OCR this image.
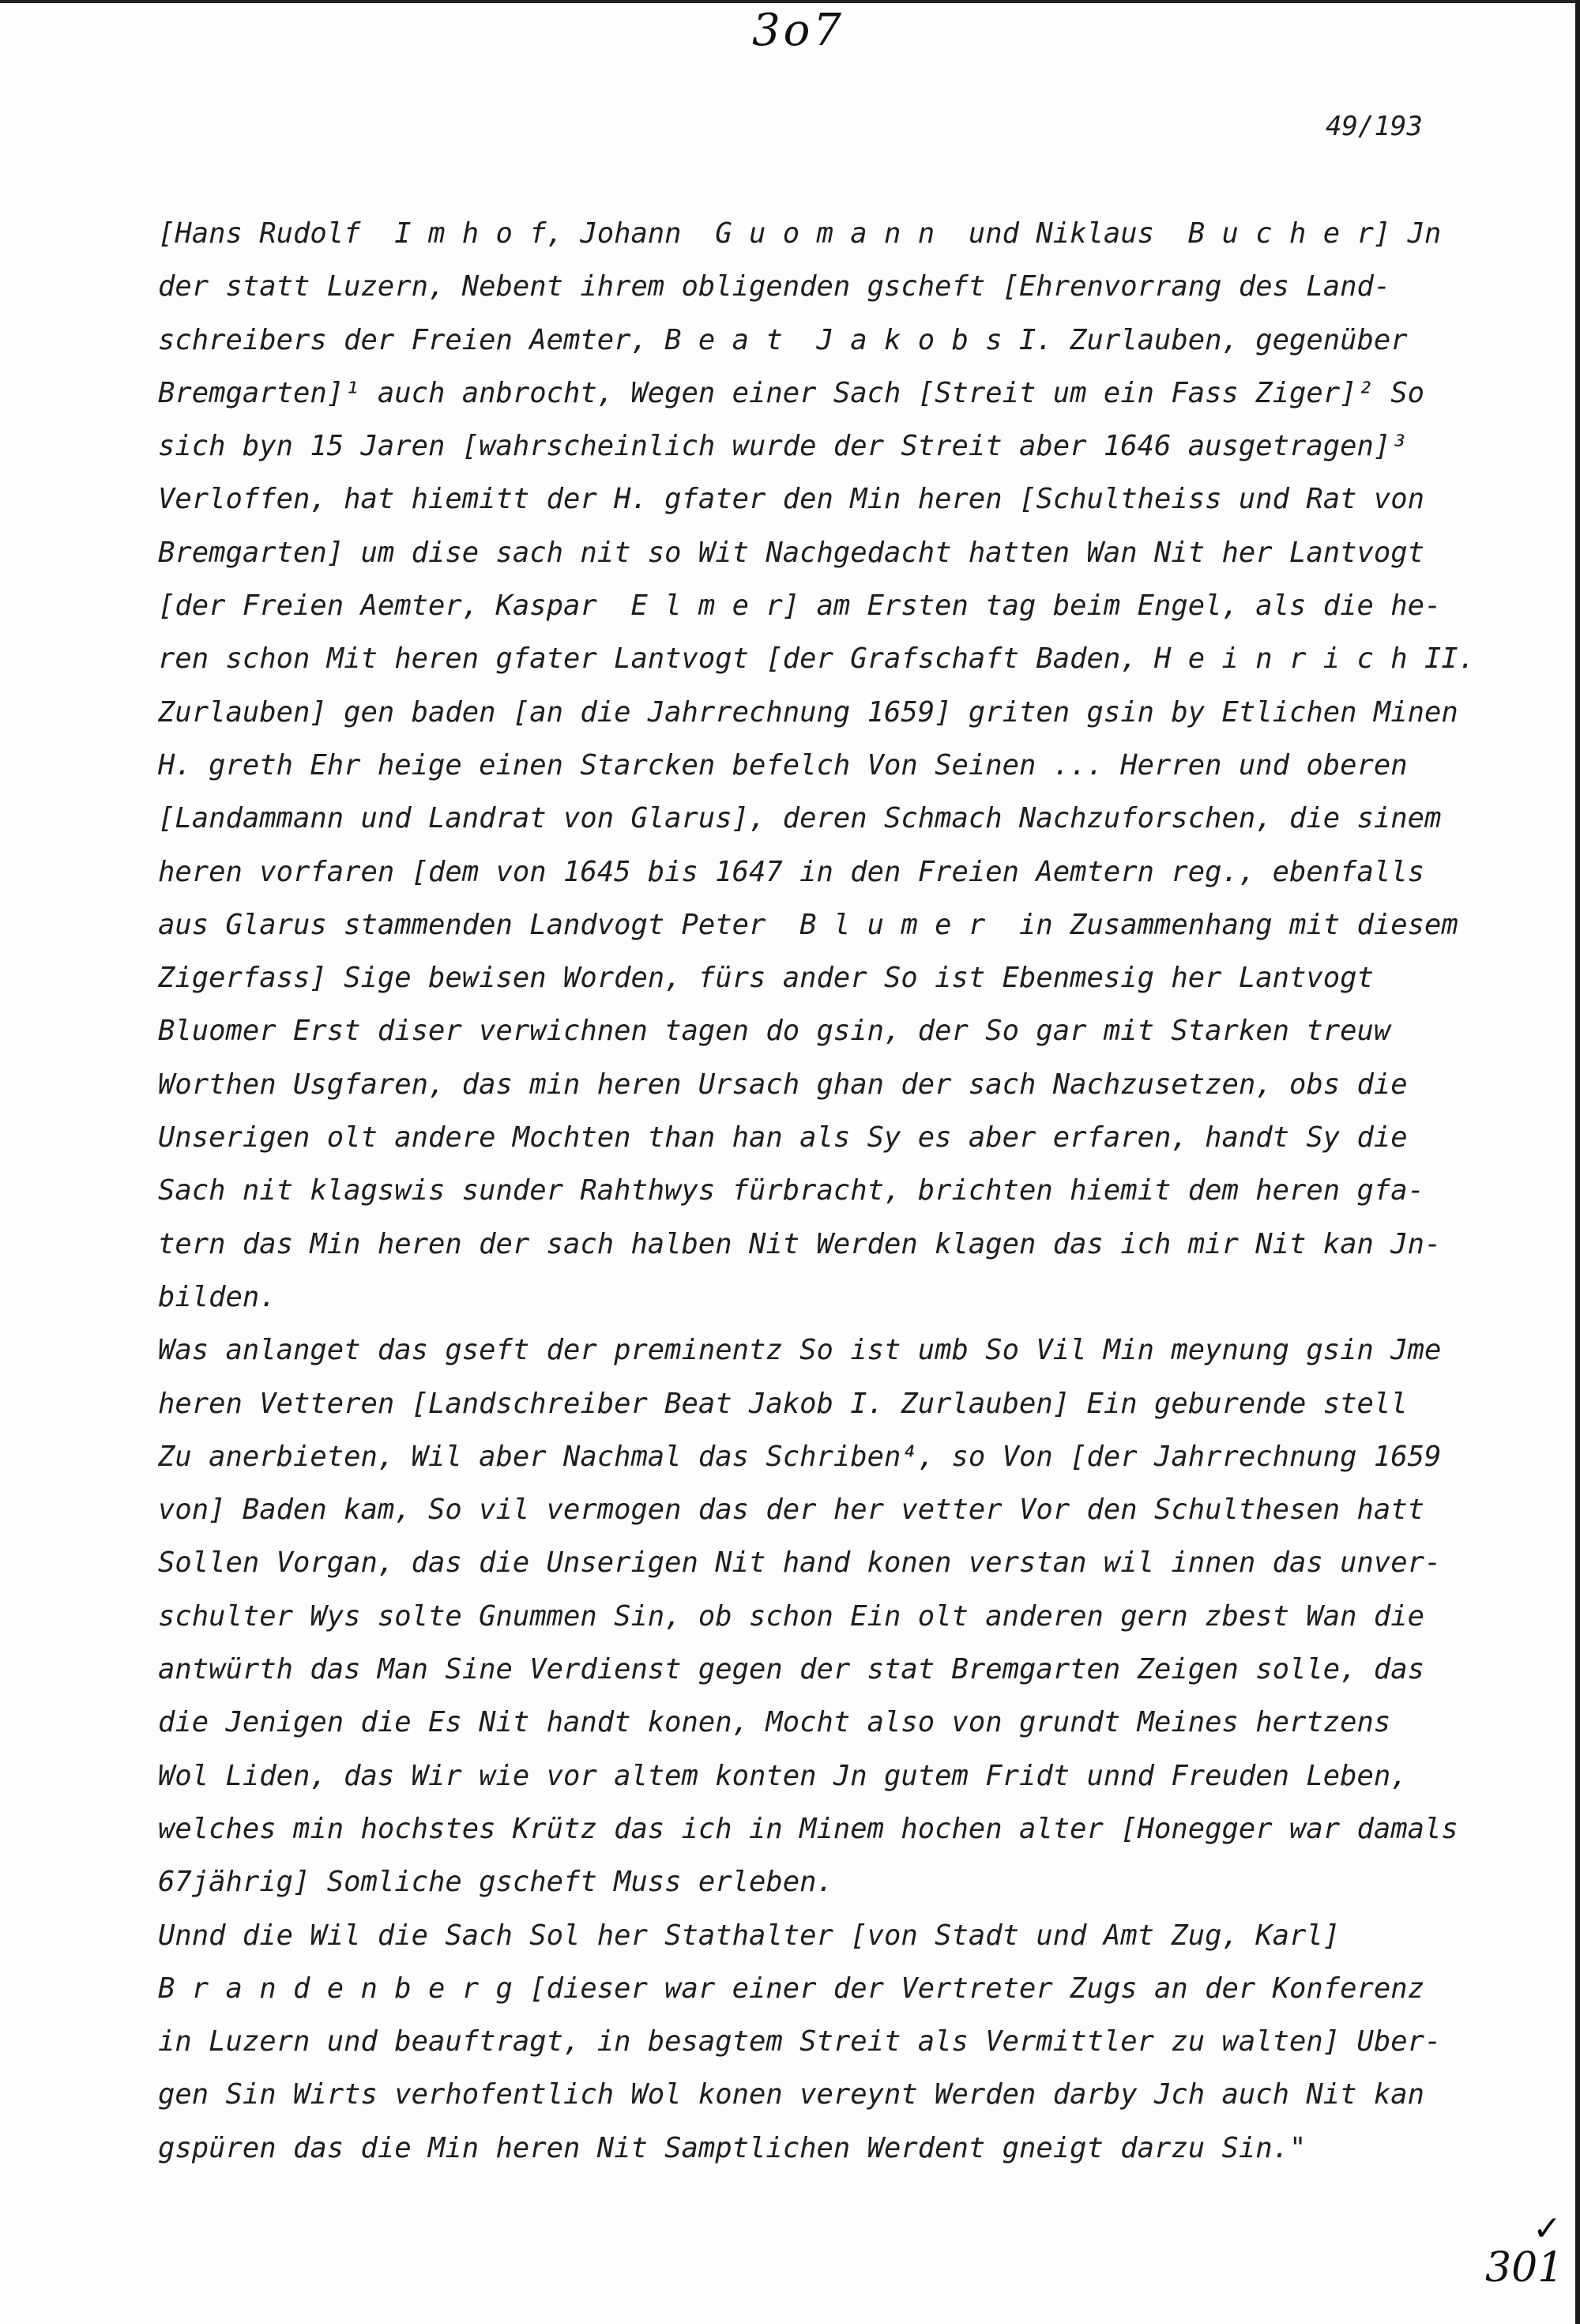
3o7
49/193
[Hans Rudolf  I m h o f, Johann  G u o m a n n  und Niklaus  B u c h e r] Jn
der statt Luzern, Nebent ihrem obligenden gscheft [Ehrenvorrang des Land-
schreibers der Freien Aemter, B e a t  J a k o b s I. Zurlauben, gegenüber
Bremgarten]¹ auch anbrocht, Wegen einer Sach [Streit um ein Fass Ziger]² So
sich byn 15 Jaren [wahrscheinlich wurde der Streit aber 1646 ausgetragen]³
Verloffen, hat hiemitt der H. gfater den Min heren [Schultheiss und Rat von
Bremgarten] um dise sach nit so Wit Nachgedacht hatten Wan Nit her Lantvogt
[der Freien Aemter, Kaspar  E l m e r] am Ersten tag beim Engel, als die he-
ren schon Mit heren gfater Lantvogt [der Grafschaft Baden, H e i n r i c h II.
Zurlauben] gen baden [an die Jahrrechnung 1659] griten gsin by Etlichen Minen
H. greth Ehr heige einen Starcken befelch Von Seinen ... Herren und oberen
[Landammann und Landrat von Glarus], deren Schmach Nachzuforschen, die sinem
heren vorfaren [dem von 1645 bis 1647 in den Freien Aemtern reg., ebenfalls
aus Glarus stammenden Landvogt Peter  B l u m e r  in Zusammenhang mit diesem
Zigerfass] Sige bewisen Worden, fürs ander So ist Ebenmesig her Lantvogt
Bluomer Erst diser verwichnen tagen do gsin, der So gar mit Starken treuw
Worthen Usgfaren, das min heren Ursach ghan der sach Nachzusetzen, obs die
Unserigen olt andere Mochten than han als Sy es aber erfaren, handt Sy die
Sach nit klagswis sunder Rahthwys fürbracht, brichten hiemit dem heren gfa-
tern das Min heren der sach halben Nit Werden klagen das ich mir Nit kan Jn-
bilden.
Was anlanget das gseft der preminentz So ist umb So Vil Min meynung gsin Jme
heren Vetteren [Landschreiber Beat Jakob I. Zurlauben] Ein geburende stell
Zu anerbieten, Wil aber Nachmal das Schriben⁴, so Von [der Jahrrechnung 1659
von] Baden kam, So vil vermogen das der her vetter Vor den Schulthesen hatt
Sollen Vorgan, das die Unserigen Nit hand konen verstan wil innen das unver-
schulter Wys solte Gnummen Sin, ob schon Ein olt anderen gern zbest Wan die
antwürth das Man Sine Verdienst gegen der stat Bremgarten Zeigen solle, das
die Jenigen die Es Nit handt konen, Mocht also von grundt Meines hertzens
Wol Liden, das Wir wie vor altem konten Jn gutem Fridt unnd Freuden Leben,
welches min hochstes Krütz das ich in Minem hochen alter [Honegger war damals
67jährig] Somliche gscheft Muss erleben.
Unnd die Wil die Sach Sol her Stathalter [von Stadt und Amt Zug, Karl]
B r a n d e n b e r g [dieser war einer der Vertreter Zugs an der Konferenz
in Luzern und beauftragt, in besagtem Streit als Vermittler zu walten] Uber-
gen Sin Wirts verhofentlich Wol konen vereynt Werden darby Jch auch Nit kan
gspüren das die Min heren Nit Samptlichen Werdent gneigt darzu Sin."
✓
301
